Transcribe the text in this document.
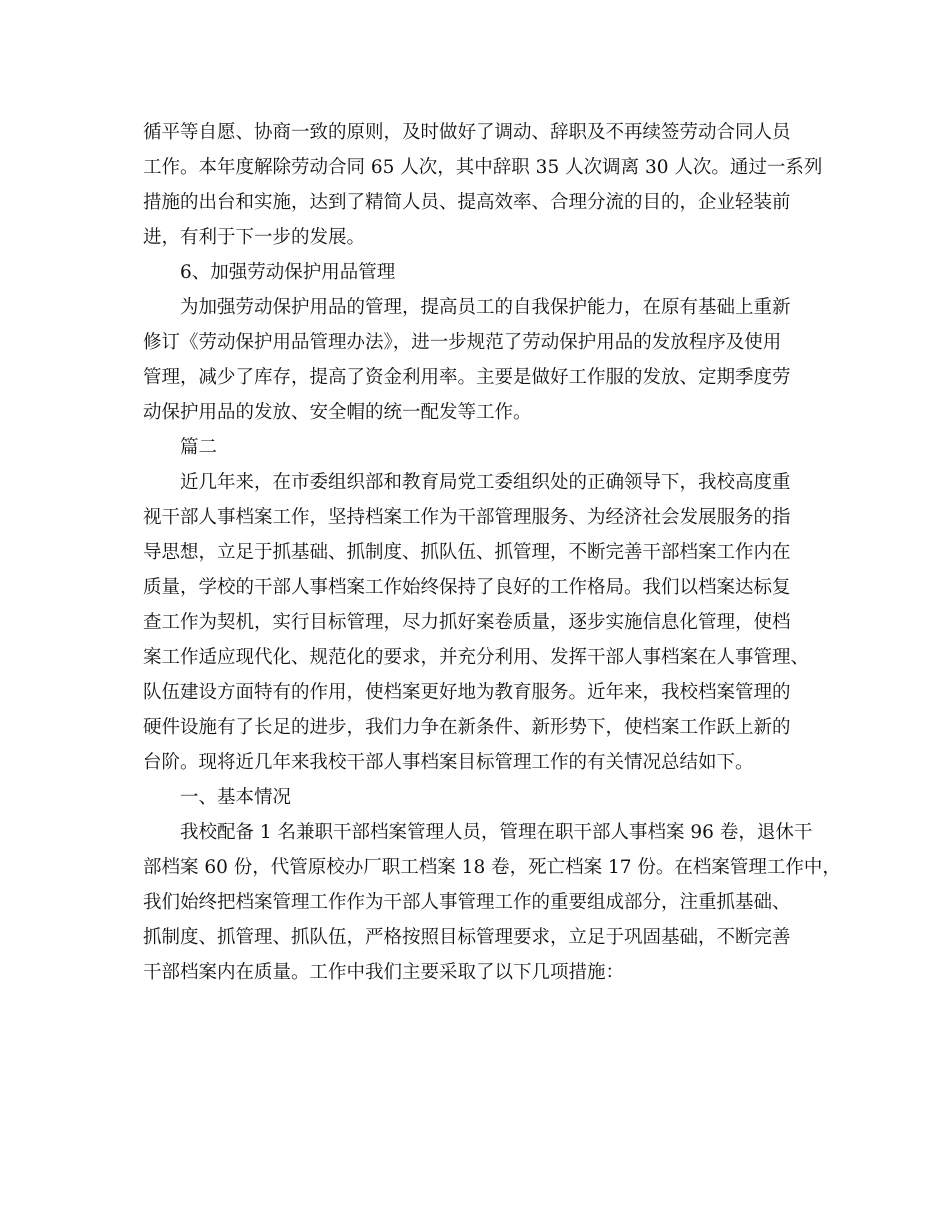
循平等自愿、协商一致的原则，及时做好了调动、辞职及不再续签劳动合同人员
工作。本年度解除劳动合同 65 人次，其中辞职 35 人次调离 30 人次。通过一系列
措施的出台和实施，达到了精简人员、提高效率、合理分流的目的，企业轻装前
进，有利于下一步的发展。
6、加强劳动保护用品管理
为加强劳动保护用品的管理，提高员工的自我保护能力，在原有基础上重新
修订《劳动保护用品管理办法》，进一步规范了劳动保护用品的发放程序及使用
管理，减少了库存，提高了资金利用率。主要是做好工作服的发放、定期季度劳
动保护用品的发放、安全帽的统一配发等工作。
篇二
近几年来，在市委组织部和教育局党工委组织处的正确领导下，我校高度重
视干部人事档案工作，坚持档案工作为干部管理服务、为经济社会发展服务的指
导思想，立足于抓基础、抓制度、抓队伍、抓管理，不断完善干部档案工作内在
质量，学校的干部人事档案工作始终保持了良好的工作格局。我们以档案达标复
查工作为契机，实行目标管理，尽力抓好案卷质量，逐步实施信息化管理，使档
案工作适应现代化、规范化的要求，并充分利用、发挥干部人事档案在人事管理、
队伍建设方面特有的作用，使档案更好地为教育服务。近年来，我校档案管理的
硬件设施有了长足的进步，我们力争在新条件、新形势下，使档案工作跃上新的
台阶。现将近几年来我校干部人事档案目标管理工作的有关情况总结如下。
一、基本情况
我校配备 1 名兼职干部档案管理人员，管理在职干部人事档案 96 卷，退休干
部档案 60 份，代管原校办厂职工档案 18 卷，死亡档案 17 份。在档案管理工作中，
我们始终把档案管理工作作为干部人事管理工作的重要组成部分，注重抓基础、
抓制度、抓管理、抓队伍，严格按照目标管理要求，立足于巩固基础，不断完善
干部档案内在质量。工作中我们主要采取了以下几项措施：
